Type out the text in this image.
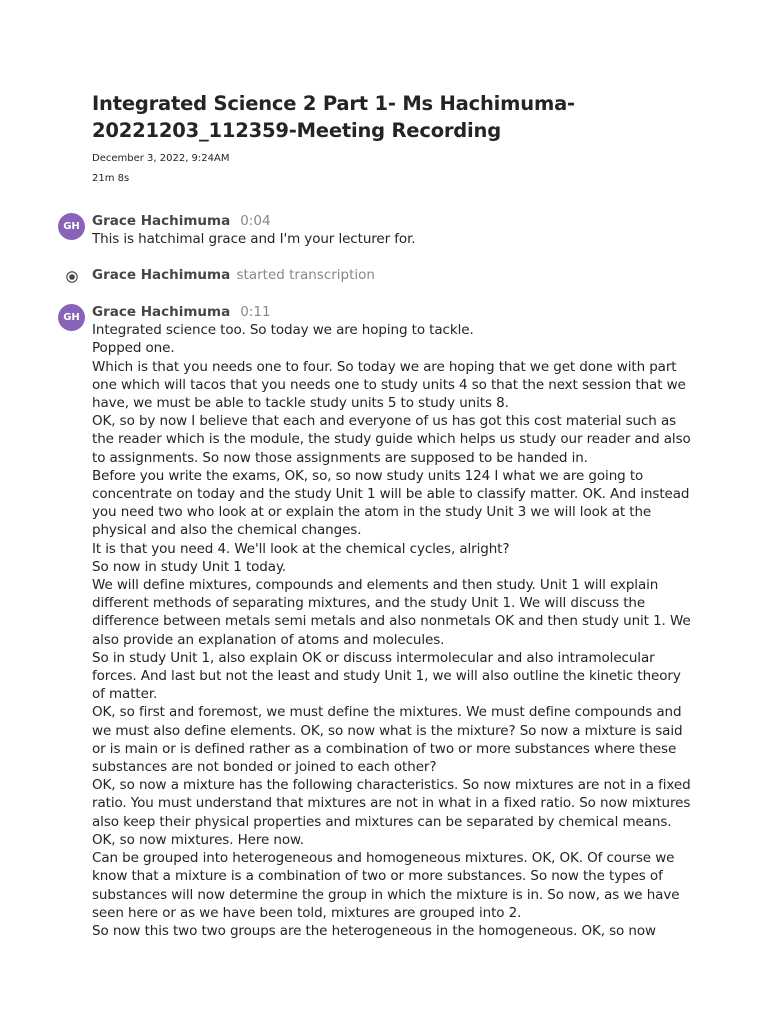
Integrated Science 2 Part 1- Ms Hachimuma-
20221203_112359-Meeting Recording
December 3, 2022, 9:24AM
21m 8s
GH Grace Hachimuma 0:04

This is hatchimal grace and I'm your lecturer for.

Grace Hachimuma started transcription
GH Grace Hachimuma 0:11

Integrated science too. So today we are hoping to tackle.

Popped one.

Which is that you needs one to four. So today we are hoping that we get done with part one which will tacos that you needs one to study units 4 so that the next session that we have, we must be able to tackle study units 5 to study units 8.

OK, so by now I believe that each and everyone of us has got this cost material such as the reader which is the module, the study guide which helps us study our reader and also to assignments. So now those assignments are supposed to be handed in.

Before you write the exams, OK, so, so now study units 124 I what we are going to concentrate on today and the study Unit 1 will be able to classify matter. OK. And instead you need two who look at or explain the atom in the study Unit 3 we will look at the physical and also the chemical changes.

It is that you need 4. We'll look at the chemical cycles, alright?

So now in study Unit 1 today.

We will define mixtures, compounds and elements and then study. Unit 1 will explain different methods of separating mixtures, and the study Unit 1. We will discuss the difference between metals semi metals and also nonmetals OK and then study unit 1. We also provide an explanation of atoms and molecules.

So in study Unit 1, also explain OK or discuss intermolecular and also intramolecular forces. And last but not the least and study Unit 1, we will also outline the kinetic theory of matter.

OK, so first and foremost, we must define the mixtures. We must define compounds and we must also define elements. OK, so now what is the mixture? So now a mixture is said or is main or is defined rather as a combination of two or more substances where these substances are not bonded or joined to each other?

OK, so now a mixture has the following characteristics. So now mixtures are not in a fixed ratio. You must understand that mixtures are not in what in a fixed ratio. So now mixtures also keep their physical properties and mixtures can be separated by chemical means. OK, so now mixtures. Here now.

Can be grouped into heterogeneous and homogeneous mixtures. OK, OK. Of course we know that a mixture is a combination of two or more substances. So now the types of substances will now determine the group in which the mixture is in. So now, as we have seen here or as we have been told, mixtures are grouped into 2.

So now this two two groups are the heterogeneous in the homogeneous. OK, so now
